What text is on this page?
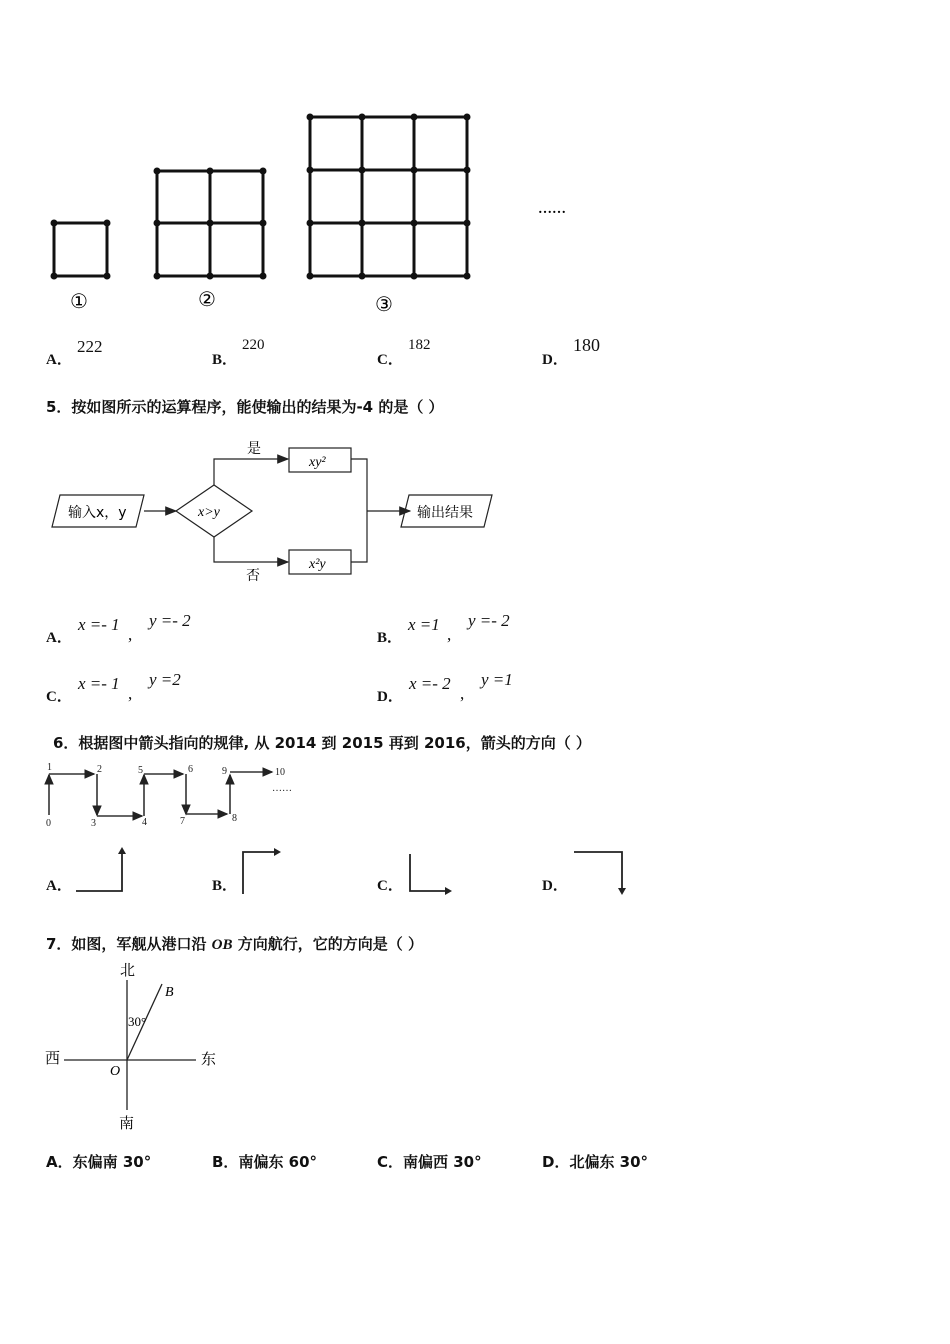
①	②	③
……
A．
222
B．
220
C．
182
D．
180
5．按如图所示的运算程序，能使输出的结果为-4 的是（ ）
输入x，y	x>y
是
否
xy²
x²y
输出结果
A．
x =- 1
,
y =- 2
B．
x =1
,
y =- 2
C．
x =- 1
,
y =2
D．
x =- 2
,
y =1
6．根据图中箭头指向的规律, 从 2014 到 2015 再到 2016，箭头的方向（ ）
0
1	2
3	4
5	6
7	8
9	10
……
A．	B．	C．	D．
7．如图，军舰从港口沿 OB 方向航行，它的方向是（ ）
北
南
西	东
O
B
30°
A．东偏南 30°	B．南偏东 60°	C．南偏西 30°	D．北偏东 30°
